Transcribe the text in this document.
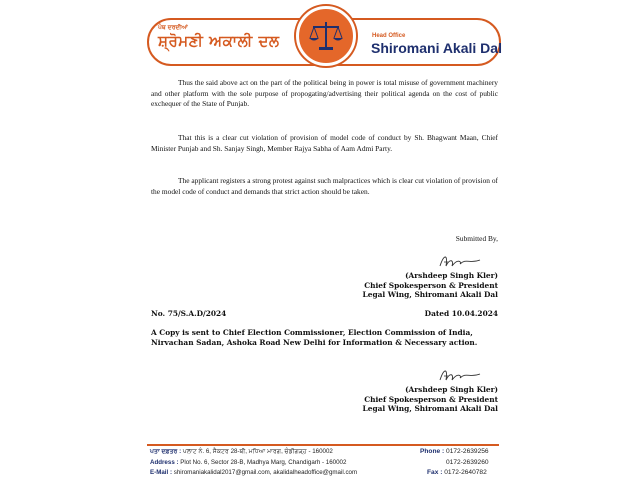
ਪੰਥ ਦਰਦੀਆਂ
ਸ਼੍ਰੋਮਣੀ ਅਕਾਲੀ ਦਲ	Head Office
Shiromani Akali Dal

Thus the said above act on the part of the political being in power is total misuse of government machinery and other platform with the sole purpose of propogating/advertising their political agenda on the cost of public exchequer of the State of Punjab.

That this is a clear cut violation of provision of model code of conduct by Sh. Bhagwant Maan, Chief Minister Punjab and Sh. Sanjay Singh, Member Rajya Sabha of Aam Admi Party.

The applicant registers a strong protest against such malpractices which is clear cut violation of provision of the model code of conduct and demands that strict action should be taken.

Submitted By,
(Arshdeep Singh Kler)
Chief Spokesperson & President
Legal Wing, Shiromani Akali Dal
No. 75/S.A.D/2024	Dated 10.04.2024
A Copy is sent to Chief Election Commissioner, Election Commission of India, Nirvachan Sadan, Ashoka Road New Delhi for Information & Necessary action.
(Arshdeep Singh Kler)
Chief Spokesperson & President
Legal Wing, Shiromani Akali Dal
ਪਤਾ ਦਫ਼ਤਰ : ਪਲਾਟ ਨੰ. 6, ਸੈਕਟਰ 28-ਬੀ, ਮਧਿਆ ਮਾਰਗ, ਚੰਡੀਗੜ੍ਹ - 160002
Address : Plot No. 6, Sector 28-B, Madhya Marg, Chandigarh - 160002
E-Mail : shiromaniakalidal2017@gmail.com, akalidalheadoffice@gmail.com
Phone : 0172-2639256
0172-2639260
Fax : 0172-2640782
